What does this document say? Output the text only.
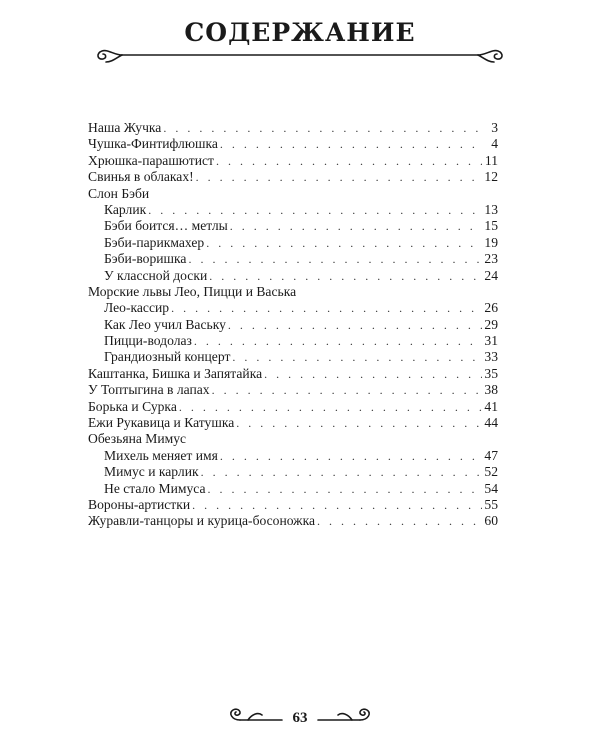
СОДЕРЖАНИЕ
Наша Жучка . . .	3
Чушка-Финтифлюшка . . .	4
Хрюшка-парашютист . . .	11
Свинья в облаках! . . .	12
Слон Бэби
Карлик . . .	13
Бэби боится… метлы . . .	15
Бэби-парикмахер . . .	19
Бэби-воришка . . .	23
У классной доски . . .	24
Морские львы Лео, Пицци и Васька
Лео-кассир . . .	26
Как Лео учил Ваську . . .	29
Пицци-водолаз . . .	31
Грандиозный концерт . . .	33
Каштанка, Бишка и Запятайка . . .	35
У Топтыгина в лапах . . .	38
Борька и Сурка . . .	41
Ежи Рукавица и Катушка . . .	44
Обезьяна Мимус
Михель меняет имя . . .	47
Мимус и карлик . . .	52
Не стало Мимуса . . .	54
Вороны-артистки . . .	55
Журавли-танцоры и курица-босоножка . . .	60
63
